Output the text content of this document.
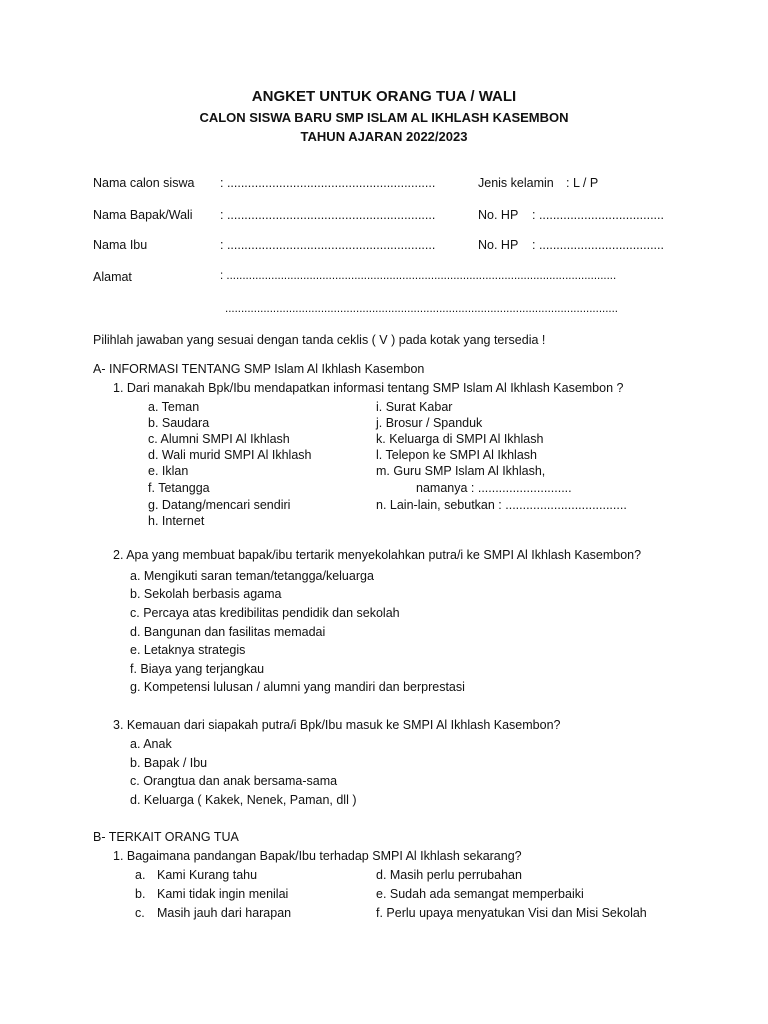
ANGKET UNTUK ORANG TUA / WALI
CALON SISWA BARU SMP ISLAM AL IKHLASH KASEMBON
TAHUN AJARAN 2022/2023
Nama calon siswa : ............................................................	Jenis kelamin : L / P
Nama Bapak/Wali : ............................................................	No. HP : ....................................
Nama Ibu	: ............................................................	No. HP : ....................................
Alamat	: ..........................................................................................................................
...........................................................................................................................
Pilihlah jawaban yang sesuai dengan tanda ceklis ( V ) pada kotak yang tersedia !
A- INFORMASI TENTANG SMP Islam Al Ikhlash Kasembon
1. Dari manakah Bpk/Ibu mendapatkan informasi tentang SMP Islam Al Ikhlash Kasembon ?
a. Teman
b. Saudara
c. Alumni SMPI Al Ikhlash
d. Wali murid SMPI Al Ikhlash
e. Iklan
f. Tetangga
g. Datang/mencari sendiri
h. Internet
i. Surat Kabar
j. Brosur / Spanduk
k. Keluarga di SMPI Al Ikhlash
l. Telepon ke SMPI Al Ikhlash
m. Guru SMP Islam Al Ikhlash,
namanya : ...........................
n. Lain-lain, sebutkan : ...................................
2. Apa yang membuat bapak/ibu tertarik menyekolahkan putra/i ke SMPI Al Ikhlash Kasembon?
a. Mengikuti saran teman/tetangga/keluarga
b. Sekolah berbasis agama
c. Percaya atas kredibilitas pendidik dan sekolah
d. Bangunan dan fasilitas memadai
e. Letaknya strategis
f. Biaya yang terjangkau
g. Kompetensi lulusan / alumni yang mandiri dan berprestasi
3. Kemauan dari siapakah putra/i Bpk/Ibu masuk ke SMPI Al Ikhlash Kasembon?
a. Anak
b. Bapak / Ibu
c. Orangtua dan anak bersama-sama
d. Keluarga ( Kakek, Nenek, Paman, dll )
B- TERKAIT ORANG TUA
1. Bagaimana pandangan Bapak/Ibu terhadap SMPI Al Ikhlash sekarang?
a. Kami Kurang tahu
b. Kami tidak ingin menilai
c. Masih jauh dari harapan
d. Masih perlu perrubahan
e. Sudah ada semangat memperbaiki
f. Perlu upaya menyatukan Visi dan Misi Sekolah
